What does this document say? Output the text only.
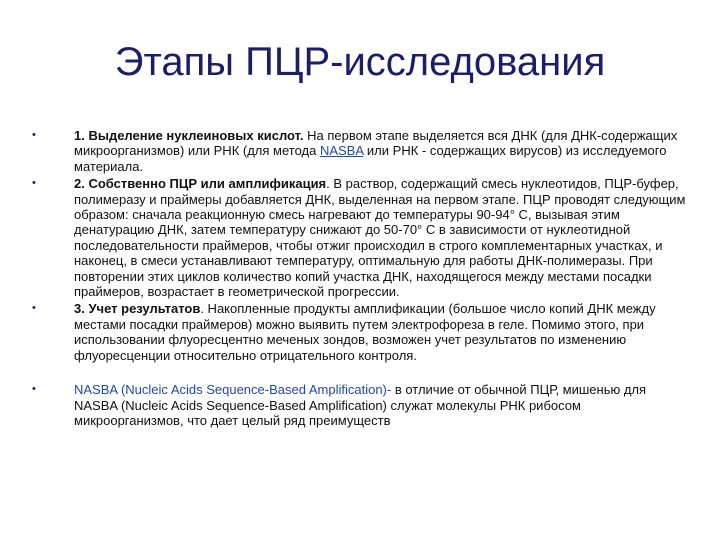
Этапы ПЦР-исследования
•	1. Выделение нуклеиновых кислот. На первом этапе выделяется вся ДНК (для ДНК-содержащих микроорганизмов) или РНК (для метода NASBA или РНК - содержащих вирусов) из исследуемого материала.
•	2. Собственно ПЦР или амплификация. В раствор, содержащий смесь нуклеотидов, ПЦР-буфер, полимеразу и праймеры добавляется ДНК, выделенная на первом этапе. ПЦР проводят следующим образом: сначала реакционную смесь нагревают до температуры 90-94° С, вызывая этим денатурацию ДНК, затем температуру снижают до 50-70° С в зависимости от нуклеотидной последовательности праймеров, чтобы отжиг происходил в строго комплементарных участках, и наконец, в смеси устанавливают температуру, оптимальную для работы ДНК-полимеразы. При повторении этих циклов количество копий участка ДНК, находящегося между местами посадки праймеров, возрастает в геометрической прогрессии.
•	3. Учет результатов. Накопленные продукты амплификации (большое число копий ДНК между местами посадки праймеров) можно выявить путем электрофореза в геле. Помимо этого, при использовании флуоресцентно меченых зондов, возможен учет результатов по изменению флуоресценции относительно отрицательного контроля.
•	NASBA (Nucleic Acids Sequence-Based Amplification)- в отличие от обычной ПЦР, мишенью для NASBA (Nucleic Acids Sequence-Based Amplification) служат молекулы РНК рибосом микроорганизмов, что дает целый ряд преимуществ
